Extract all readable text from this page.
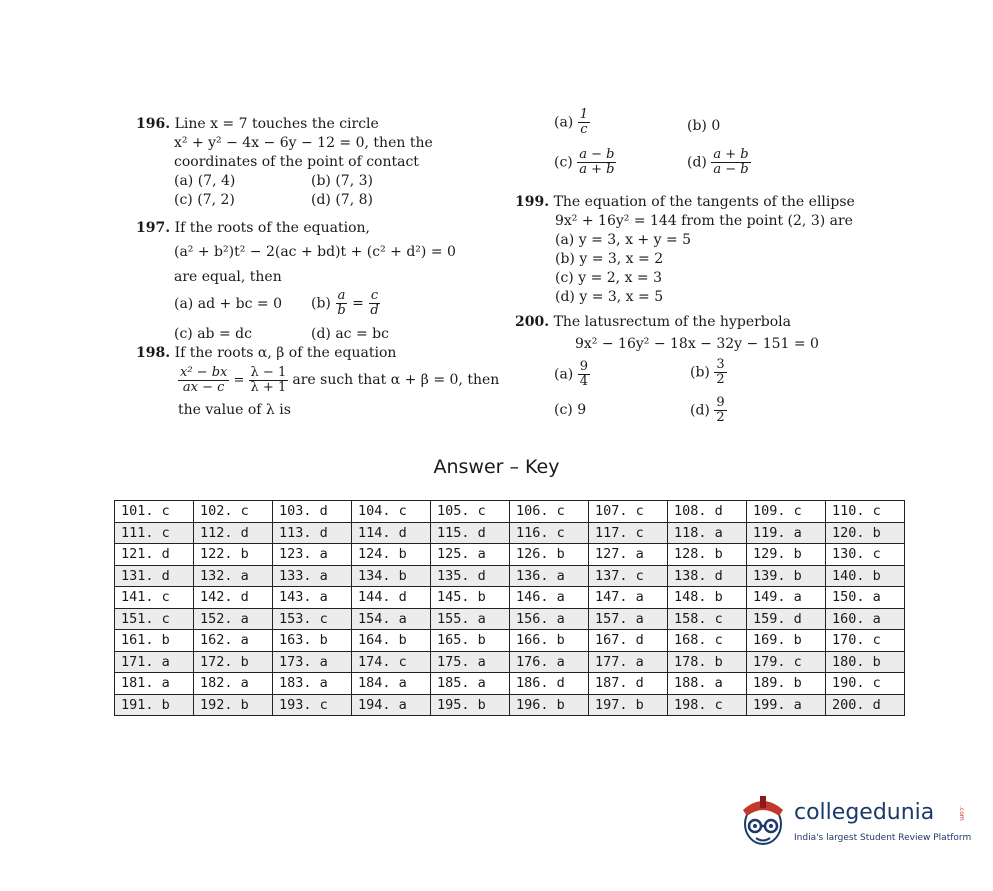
196. Line x = 7 touches the circle
x² + y² − 4x − 6y − 12 = 0, then the
coordinates of the point of contact
(a) (7, 4)	(b) (7, 3)
(c) (7, 2)	(d) (7, 8)
197. If the roots of the equation,
(a² + b²)t² − 2(ac + bd)t + (c² + d²) = 0
are equal, then
(a) ad + bc = 0 $(b) \frac{a}{b} = \frac{c}{d}$
(c) ab = dc	(d) ac = bc
198. If the roots α, β of the equation
$\frac{\text{x² − bx}}{ax - c} = \frac{\lambda - 1}{\lambda + 1}$ are such that α + β = 0, then
the value of λ is
$(a) \frac{1}{c}$	(b) 0
$(c) \frac{a - b}{a + b}$	$(d) \frac{a + b}{a - b}$
199. The equation of the tangents of the ellipse
9x² + 16y² = 144 from the point (2, 3) are
(a) y = 3, x + y = 5
(b) y = 3, x = 2
(c) y = 2, x = 3
(d) y = 3, x = 5
200. The latusrectum of the hyperbola
9x² − 16y² − 18x − 32y − 151 = 0
$(a) \frac{9}{4}$	$(b) \frac{3}{2}$
(c) 9	$(d) \frac{9}{2}$
Answer – Key
101. c	102. c	103. d	104. c	105. c	106. c	107. c	108. d	109. c	110. c
111. c	112. d	113. d	114. d	115. d	116. c	117. c	118. a	119. a	120. b
121. d	122. b	123. a	124. b	125. a	126. b	127. a	128. b	129. b	130. c
131. d	132. a	133. a	134. b	135. d	136. a	137. c	138. d	139. b	140. b
141. c	142. d	143. a	144. d	145. b	146. a	147. a	148. b	149. a	150. a
151. c	152. a	153. c	154. a	155. a	156. a	157. a	158. c	159. d	160. a
161. b	162. a	163. b	164. b	165. b	166. b	167. d	168. c	169. b	170. c
171. a	172. b	173. a	174. c	175. a	176. a	177. a	178. b	179. c	180. b
181. a	182. a	183. a	184. a	185. a	186. d	187. d	188. a	189. b	190. c
191. b	192. b	193. c	194. a	195. b	196. b	197. b	198. c	199. a	200. d
collegedunia	.com
India's largest Student Review Platform
